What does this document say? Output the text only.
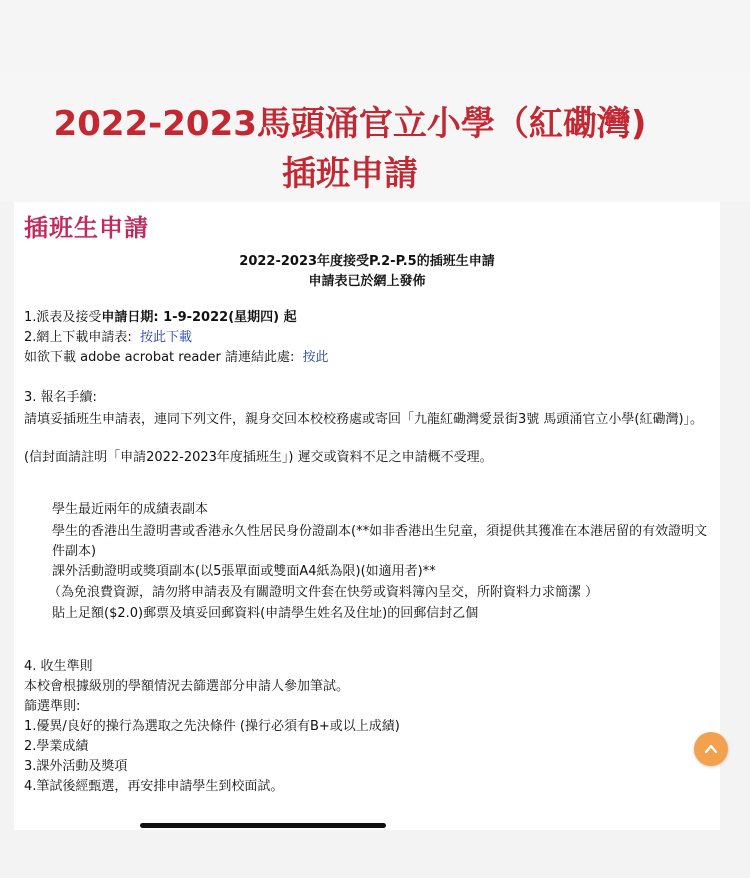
2022-2023馬頭涌官立小學（紅磡灣)
插班申請
插班生申請
2022-2023年度接受P.2-P.5的插班生申請
申請表已於網上發佈
1.派表及接受申請日期: 1-9-2022(星期四) 起
2.網上下載申請表: 按此下載
如欲下載 adobe acrobat reader 請連結此處: 按此
3. 報名手續:
請填妥插班生申請表，連同下列文件，親身交回本校校務處或寄回「九龍紅磡灣愛景街3號 馬頭涌官立小學(紅磡灣)」。
(信封面請註明「申請2022-2023年度插班生」) 遲交或資料不足之申請概不受理。
學生最近兩年的成績表副本
學生的香港出生證明書或香港永久性居民身份證副本(**如非香港出生兒童，須提供其獲准在本港居留的有效證明文件副本)
課外活動證明或獎項副本(以5張單面或雙面A4紙為限)(如適用者)**
（為免浪費資源，請勿將申請表及有關證明文件套在快勞或資料簿內呈交，所附資料力求簡潔 ）
貼上足額($2.0)郵票及填妥回郵資料(申請學生姓名及住址)的回郵信封乙個
4. 收生準則
本校會根據級別的學額情況去篩選部分申請人參加筆試。
篩選準則:
1.優異/良好的操行為選取之先決條件 (操行必須有B+或以上成績)
2.學業成績
3.課外活動及獎項
4.筆試後經甄選，再安排申請學生到校面試。
